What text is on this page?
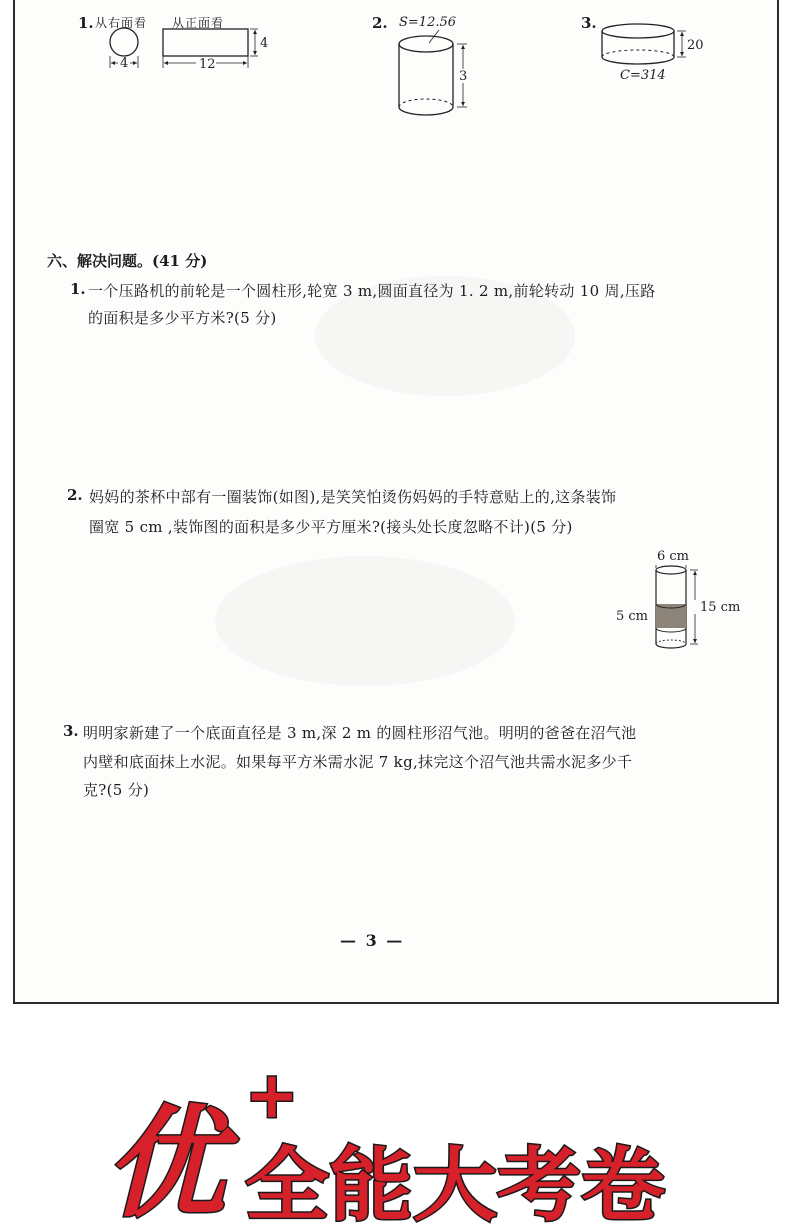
1. 从右面看 从正面看
4	12
4
2. S=12.56
3
3.
20
C=314
六、解决问题。(41 分)
1. 一个压路机的前轮是一个圆柱形,轮宽 3 m,圆面直径为 1. 2 m,前轮转动 10 周,压路
的面积是多少平方米?(5 分)
2. 妈妈的茶杯中部有一圈装饰(如图),是笑笑怕烫伤妈妈的手特意贴上的,这条装饰
圈宽 5 cm ,装饰图的面积是多少平方厘米?(接头处长度忽略不计)(5 分)
6 cm
5 cm
15 cm
3. 明明家新建了一个底面直径是 3 m,深 2 m 的圆柱形沼气池。明明的爸爸在沼气池
内壁和底面抹上水泥。如果每平方米需水泥 7 kg,抹完这个沼气池共需水泥多少千
克?(5 分)
— 3 —
优 +
全能大考卷
